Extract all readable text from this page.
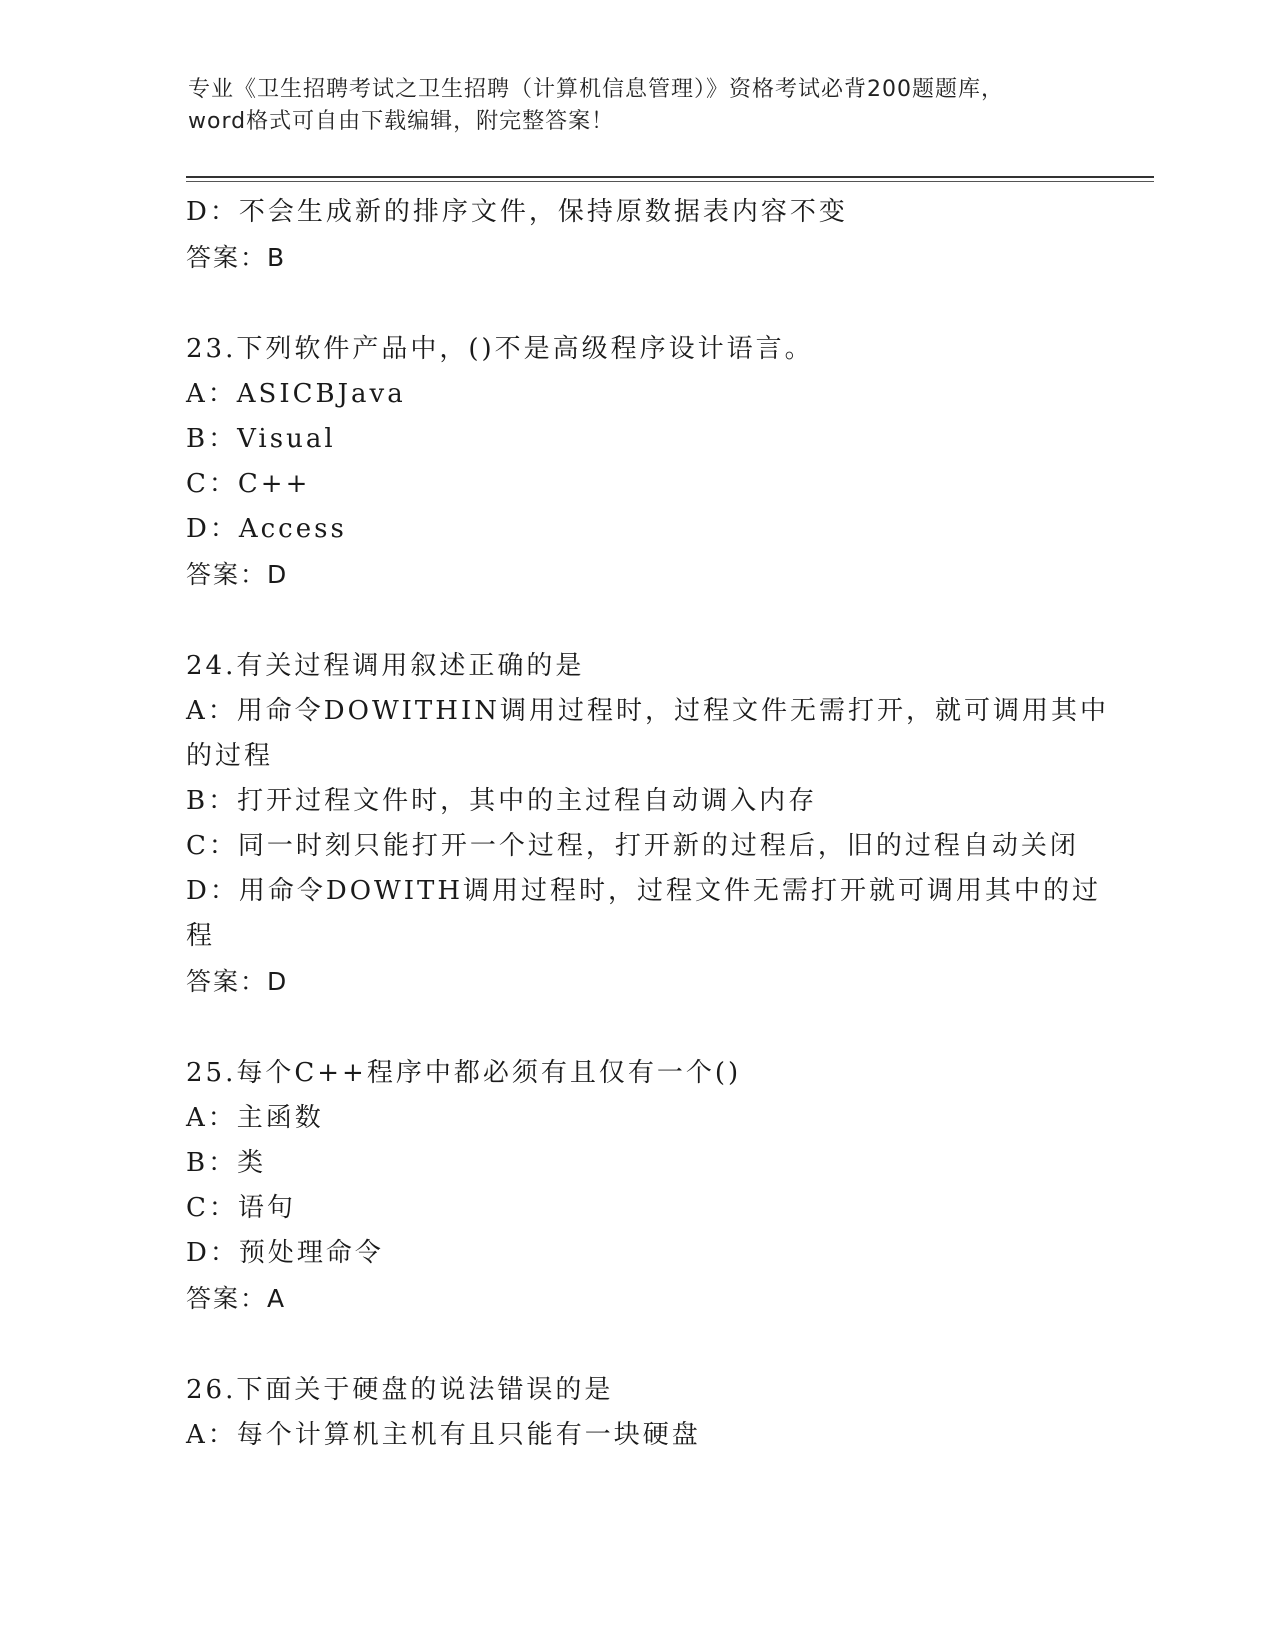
专业《卫生招聘考试之卫生招聘（计算机信息管理）》资格考试必背200题题库，
word格式可自由下载编辑，附完整答案！
D：不会生成新的排序文件，保持原数据表内容不变
答案：B
23.下列软件产品中，()不是高级程序设计语言。
A：ASICBJava
B：Visual
C：C++
D：Access
答案：D
24.有关过程调用叙述正确的是
A：用命令DOWITHIN调用过程时，过程文件无需打开，就可调用其中
的过程
B：打开过程文件时，其中的主过程自动调入内存
C：同一时刻只能打开一个过程，打开新的过程后，旧的过程自动关闭
D：用命令DOWITH调用过程时，过程文件无需打开就可调用其中的过
程
答案：D
25.每个C++程序中都必须有且仅有一个()
A：主函数
B：类
C：语句
D：预处理命令
答案：A
26.下面关于硬盘的说法错误的是
A：每个计算机主机有且只能有一块硬盘
